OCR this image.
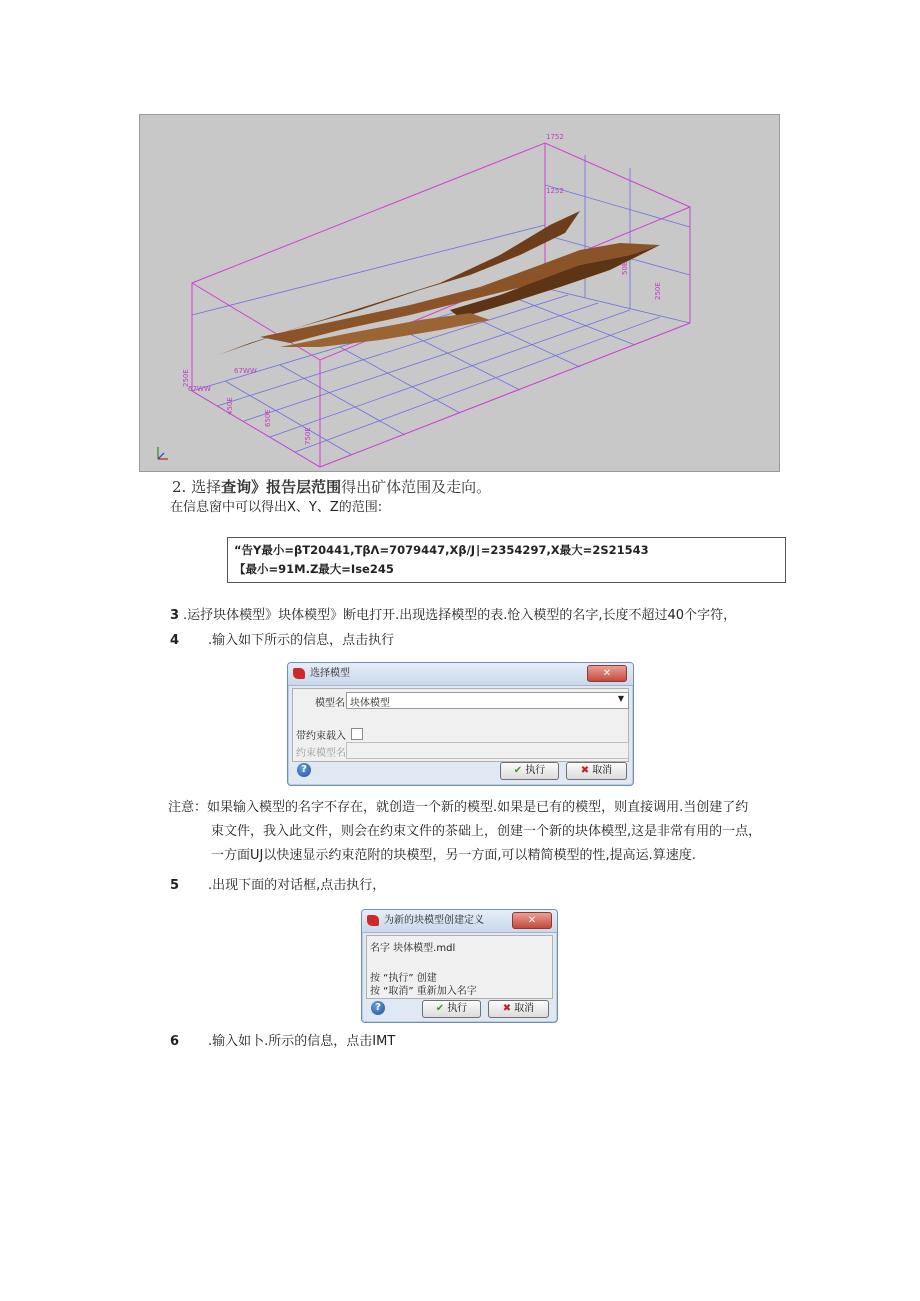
1752
1252
250E
50E
250E	67WW
67WW
450E
650E
750E
2. 选择查询》报告层范围得出矿体范围及走向。
在信息窗中可以得出X、Y、Z的范围:
“告Y最小=βT20441,TβΛ=7079447,Xβ/J∣=2354297,X最大=2S21543
【最小=91M.Z最大=Ise245
3 .运抒块体模型》块体模型》断电打开.出现选择模型的表.怆入模型的名字,长度不超过40个字符，
4 .输入如下所示的信息，点击执行
选择模型	✕
模型名 块体模型	▼
带约束载入
约束模型名
?	✔ 执行	✖ 取消
注意：如果输入模型的名字不存在，就创造一个新的模型.如果是已有的模型，则直接调用.当创建了约
束文件，我入此文件，则会在约束文件的茶础上，创建一个新的块体模型,这是非常有用的一点，
一方面UJ以快速显示约束范附的块模型，另一方面,可以精简模型的性,提高运.算速度.
5 .出现下面的对话框,点击执行，
为新的块模型创建定义	✕
名字 块体模型.mdl
按 “执行” 创建
按 “取消” 重新加入名字
?	✔ 执行	✖ 取消
6 .输入如卜.所示的信息，点击IMT
